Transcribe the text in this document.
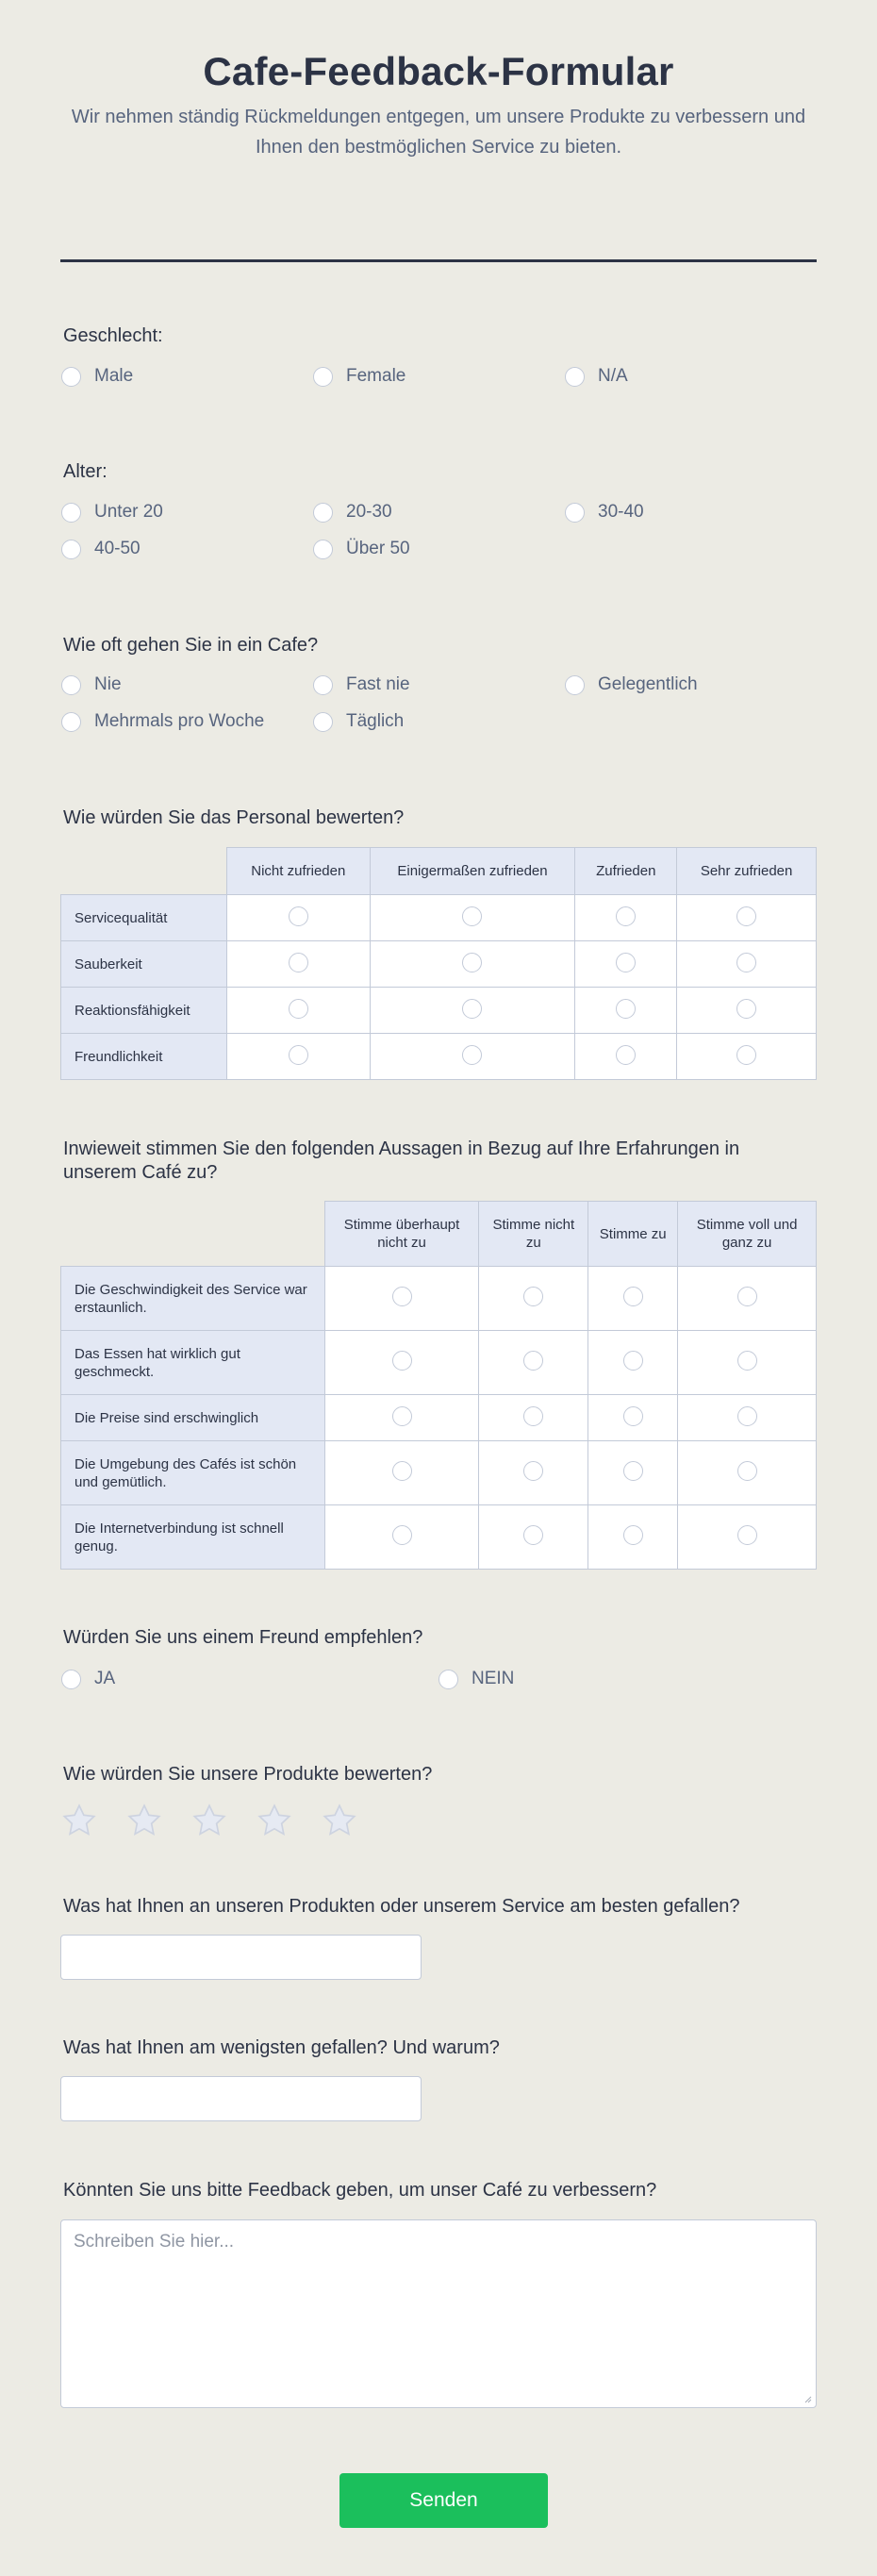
Cafe-Feedback-Formular
Wir nehmen ständig Rückmeldungen entgegen, um unsere Produkte zu verbessern und Ihnen den bestmöglichen Service zu bieten.
Geschlecht:
Male	Female	N/A
Alter:
Unter 20	20-30	30-40
40-50	Über 50
Wie oft gehen Sie in ein Cafe?
Nie	Fast nie	Gelegentlich
Mehrmals pro Woche	Täglich
Wie würden Sie das Personal bewerten?
	Nicht zufrieden	Einigermaßen zufrieden	Zufrieden	Sehr zufrieden
Servicequalität				
Sauberkeit				
Reaktionsfähigkeit				
Freundlichkeit				
Inwieweit stimmen Sie den folgenden Aussagen in Bezug auf Ihre Erfahrungen in unserem Café zu?
	Stimme überhaupt nicht zu	Stimme nicht zu	Stimme zu	Stimme voll und ganz zu
Die Geschwindigkeit des Service war erstaunlich.				
Das Essen hat wirklich gut geschmeckt.				
Die Preise sind erschwinglich				
Die Umgebung des Cafés ist schön und gemütlich.				
Die Internetverbindung ist schnell genug.				
Würden Sie uns einem Freund empfehlen?
JA	NEIN
Wie würden Sie unsere Produkte bewerten?
Was hat Ihnen an unseren Produkten oder unserem Service am besten gefallen?
Was hat Ihnen am wenigsten gefallen? Und warum?
Könnten Sie uns bitte Feedback geben, um unser Café zu verbessern?
Schreiben Sie hier...
Senden
